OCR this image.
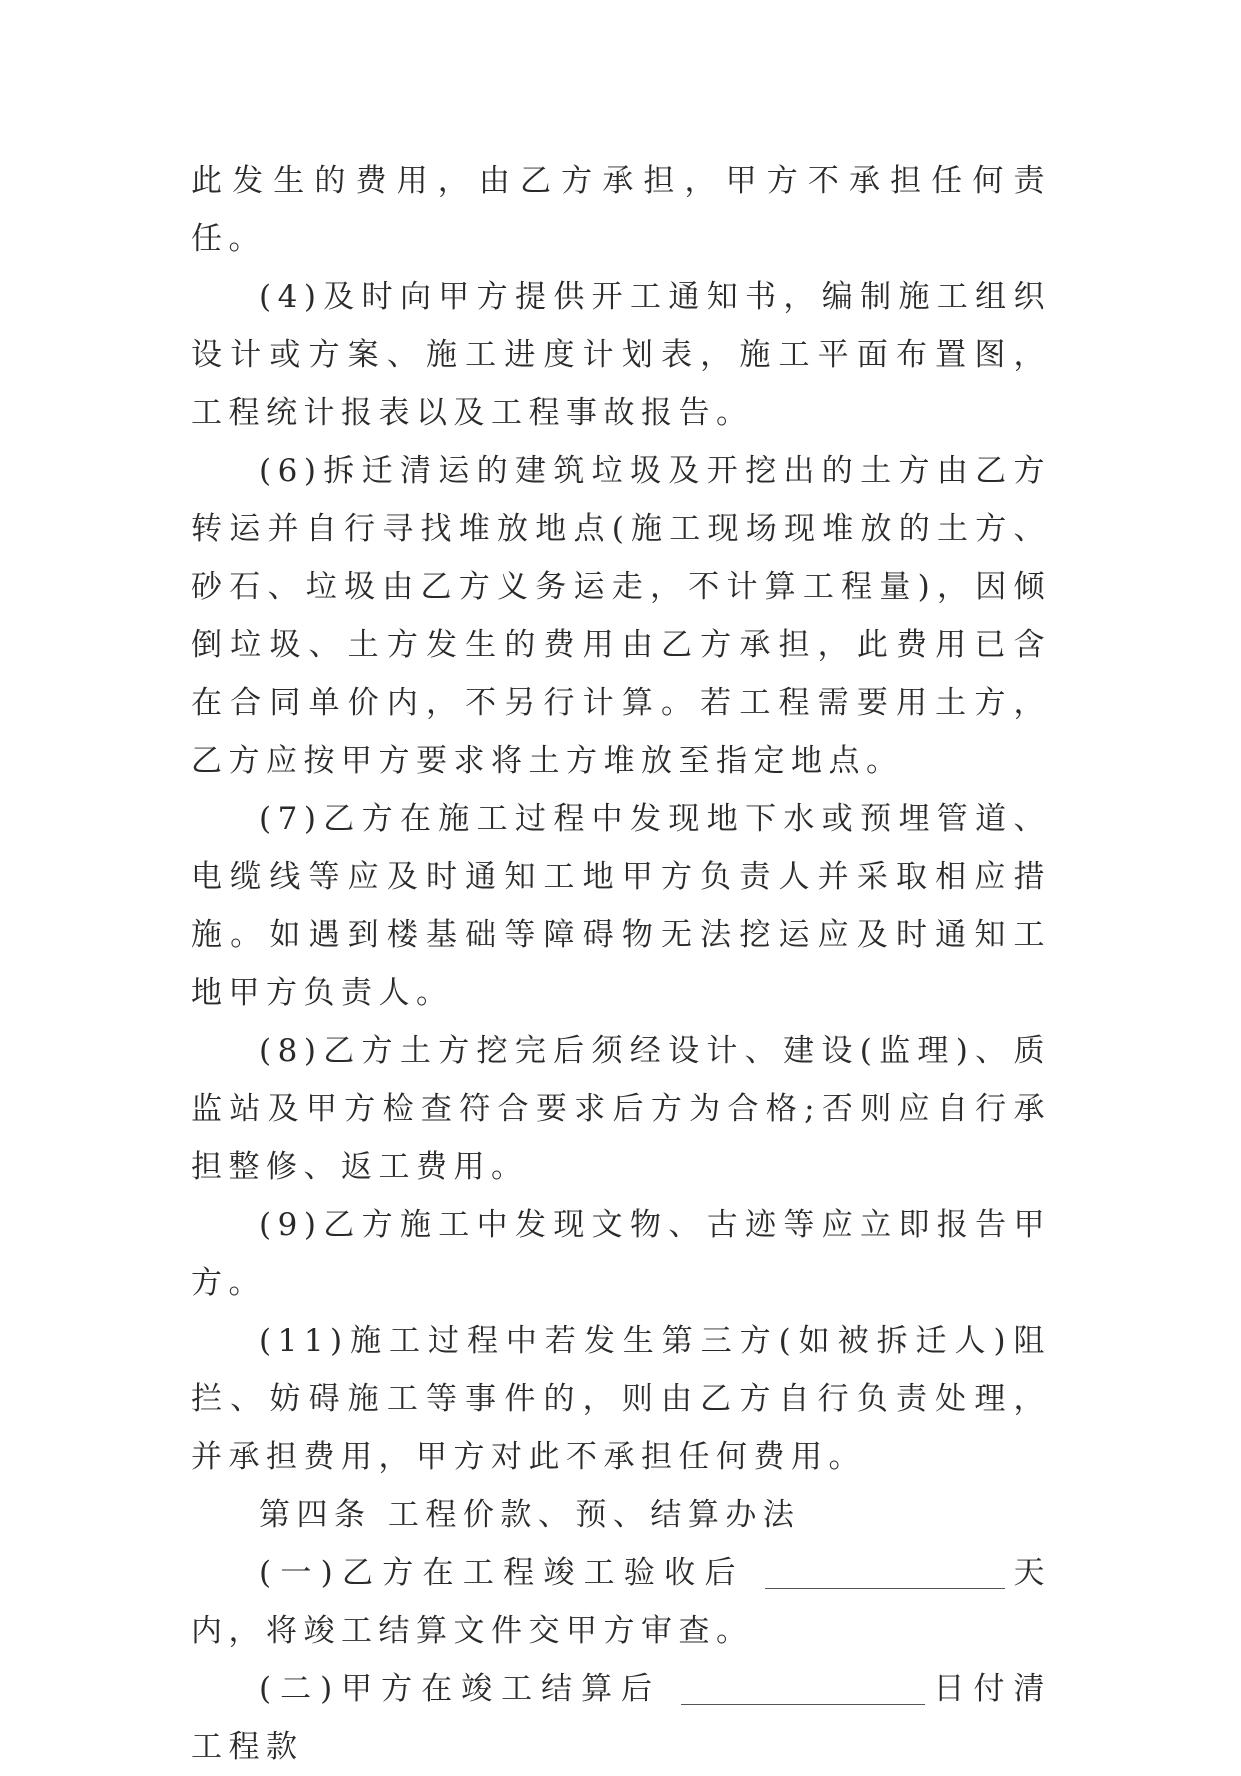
此发生的费用，由乙方承担，甲方不承担任何责任。

(4)及时向甲方提供开工通知书，编制施工组织设计或方案、施工进度计划表，施工平面布置图，工程统计报表以及工程事故报告。

(6)拆迁清运的建筑垃圾及开挖出的土方由乙方转运并自行寻找堆放地点(施工现场现堆放的土方、砂石、垃圾由乙方义务运走，不计算工程量)，因倾倒垃圾、土方发生的费用由乙方承担，此费用已含在合同单价内，不另行计算。若工程需要用土方，乙方应按甲方要求将土方堆放至指定地点。

(7)乙方在施工过程中发现地下水或预埋管道、电缆线等应及时通知工地甲方负责人并采取相应措施。如遇到楼基础等障碍物无法挖运应及时通知工地甲方负责人。

(8)乙方土方挖完后须经设计、建设(监理)、质监站及甲方检查符合要求后方为合格;否则应自行承担整修、返工费用。

(9)乙方施工中发现文物、古迹等应立即报告甲方。

(11)施工过程中若发生第三方(如被拆迁人)阻拦、妨碍施工等事件的，则由乙方自行负责处理，并承担费用，甲方对此不承担任何费用。

第四条 工程价款、预、结算办法

(一)乙方在工程竣工验收后	天内，将竣工结算文件交甲方审查。

(二)甲方在竣工结算后	日付清工程款
